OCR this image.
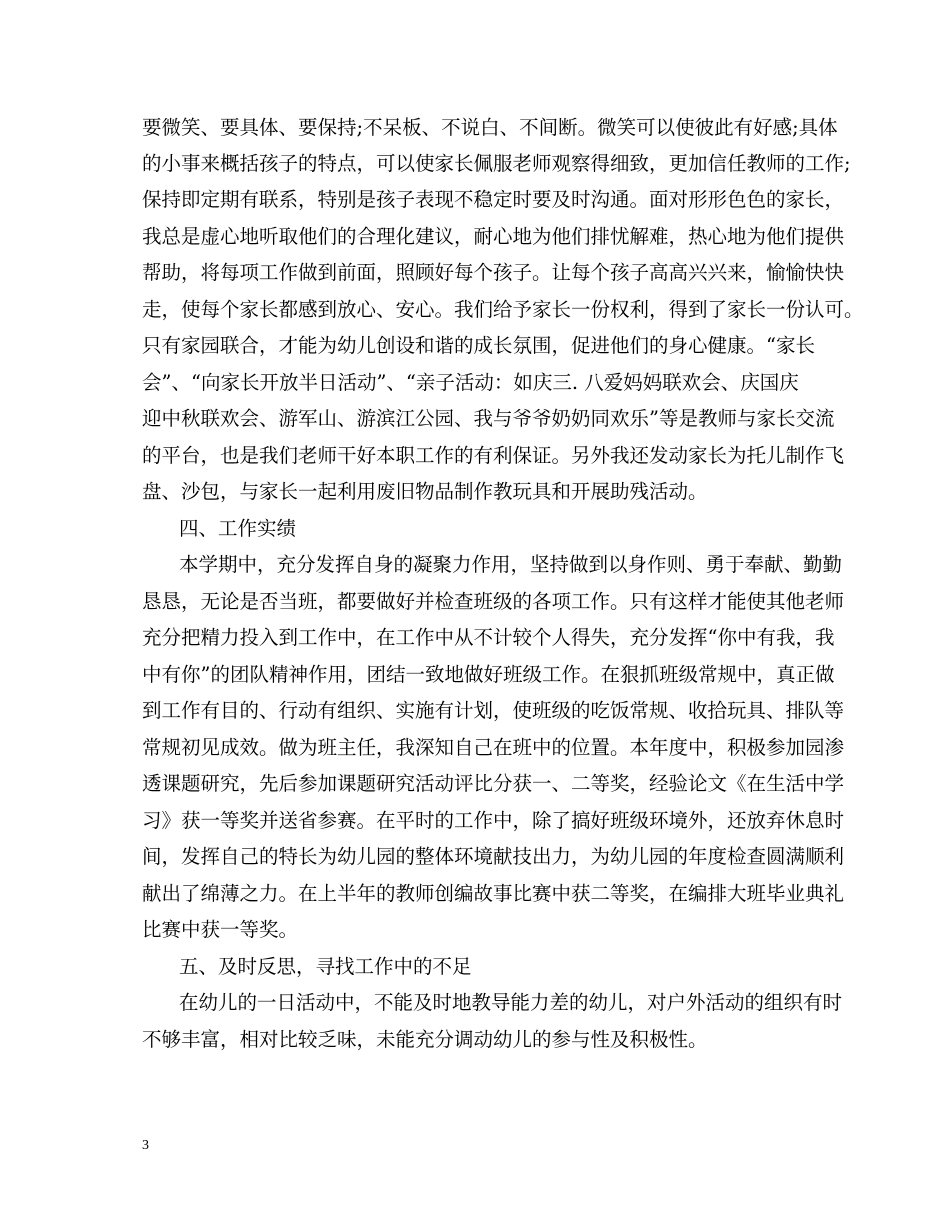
要微笑、要具体、要保持;不呆板、不说白、不间断。微笑可以使彼此有好感;具体
的小事来概括孩子的特点，可以使家长佩服老师观察得细致，更加信任教师的工作;
保持即定期有联系，特别是孩子表现不稳定时要及时沟通。面对形形色色的家长，
我总是虚心地听取他们的合理化建议，耐心地为他们排忧解难，热心地为他们提供
帮助，将每项工作做到前面，照顾好每个孩子。让每个孩子高高兴兴来，愉愉快快
走，使每个家长都感到放心、安心。我们给予家长一份权利，得到了家长一份认可。
只有家园联合，才能为幼儿创设和谐的成长氛围，促进他们的身心健康。“家长
会”、“向家长开放半日活动”、“亲子活动：如庆三. 八爱妈妈联欢会、庆国庆
迎中秋联欢会、游军山、游滨江公园、我与爷爷奶奶同欢乐”等是教师与家长交流
的平台，也是我们老师干好本职工作的有利保证。另外我还发动家长为托儿制作飞
盘、沙包，与家长一起利用废旧物品制作教玩具和开展助残活动。
四、工作实绩
本学期中，充分发挥自身的凝聚力作用，坚持做到以身作则、勇于奉献、勤勤
恳恳，无论是否当班，都要做好并检查班级的各项工作。只有这样才能使其他老师
充分把精力投入到工作中，在工作中从不计较个人得失，充分发挥“你中有我，我
中有你”的团队精神作用，团结一致地做好班级工作。在狠抓班级常规中，真正做
到工作有目的、行动有组织、实施有计划，使班级的吃饭常规、收拾玩具、排队等
常规初见成效。做为班主任，我深知自己在班中的位置。本年度中，积极参加园渗
透课题研究，先后参加课题研究活动评比分获一、二等奖，经验论文《在生活中学
习》获一等奖并送省参赛。在平时的工作中，除了搞好班级环境外，还放弃休息时
间，发挥自己的特长为幼儿园的整体环境献技出力，为幼儿园的年度检查圆满顺利
献出了绵薄之力。在上半年的教师创编故事比赛中获二等奖，在编排大班毕业典礼
比赛中获一等奖。
五、及时反思，寻找工作中的不足
在幼儿的一日活动中，不能及时地教导能力差的幼儿，对户外活动的组织有时
不够丰富，相对比较乏味，未能充分调动幼儿的参与性及积极性。
3
